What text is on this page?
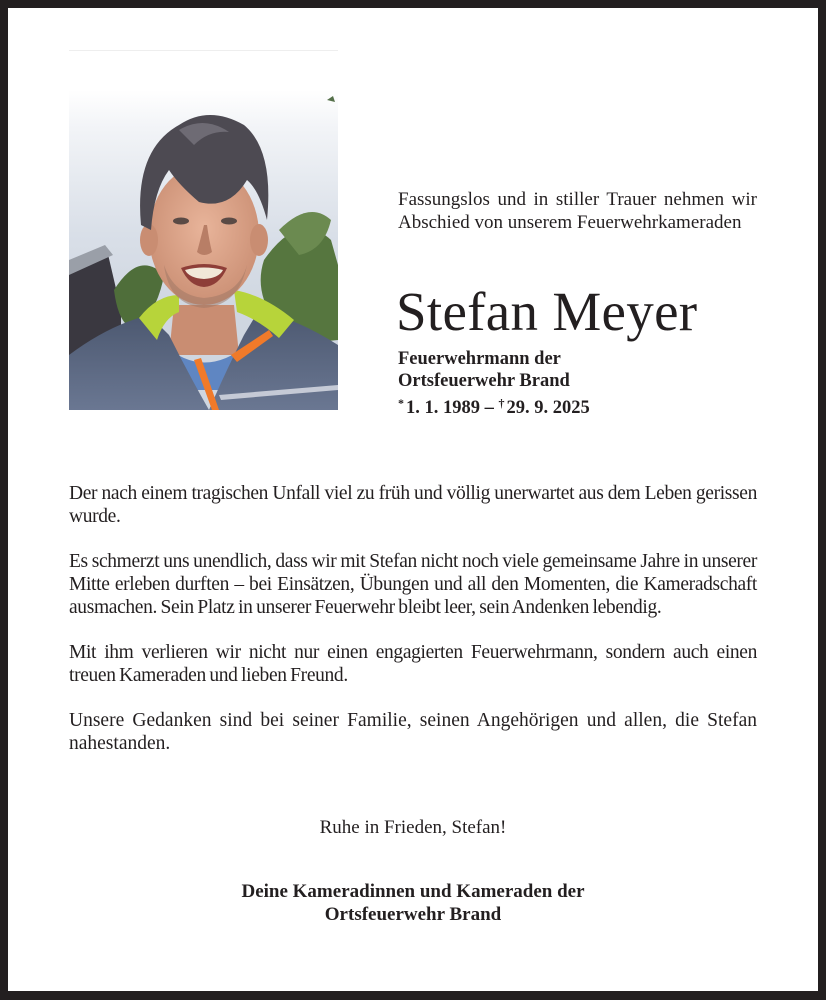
Fassungslos und in stiller Trauer nehmen wir Abschied von unserem Feuerwehrkameraden
Stefan Meyer
Feuerwehrmann der
Ortsfeuerwehr Brand
* 1. 1. 1989 – † 29. 9. 2025

Der nach einem tragischen Unfall viel zu früh und völlig unerwartet aus dem Leben gerissen wurde.

Es schmerzt uns unendlich, dass wir mit Stefan nicht noch viele gemeinsame Jahre in unserer Mitte erleben durften – bei Einsätzen, Übungen und all den Momenten, die Kameradschaft ausmachen. Sein Platz in unserer Feuerwehr bleibt leer, sein Andenken lebendig.

Mit ihm verlieren wir nicht nur einen engagierten Feuerwehrmann, sondern auch einen treuen Kameraden und lieben Freund.

Unsere Gedanken sind bei seiner Familie, seinen Angehörigen und allen, die Stefan nahestanden.

Ruhe in Frieden, Stefan!
Deine Kameradinnen und Kameraden der
Ortsfeuerwehr Brand
